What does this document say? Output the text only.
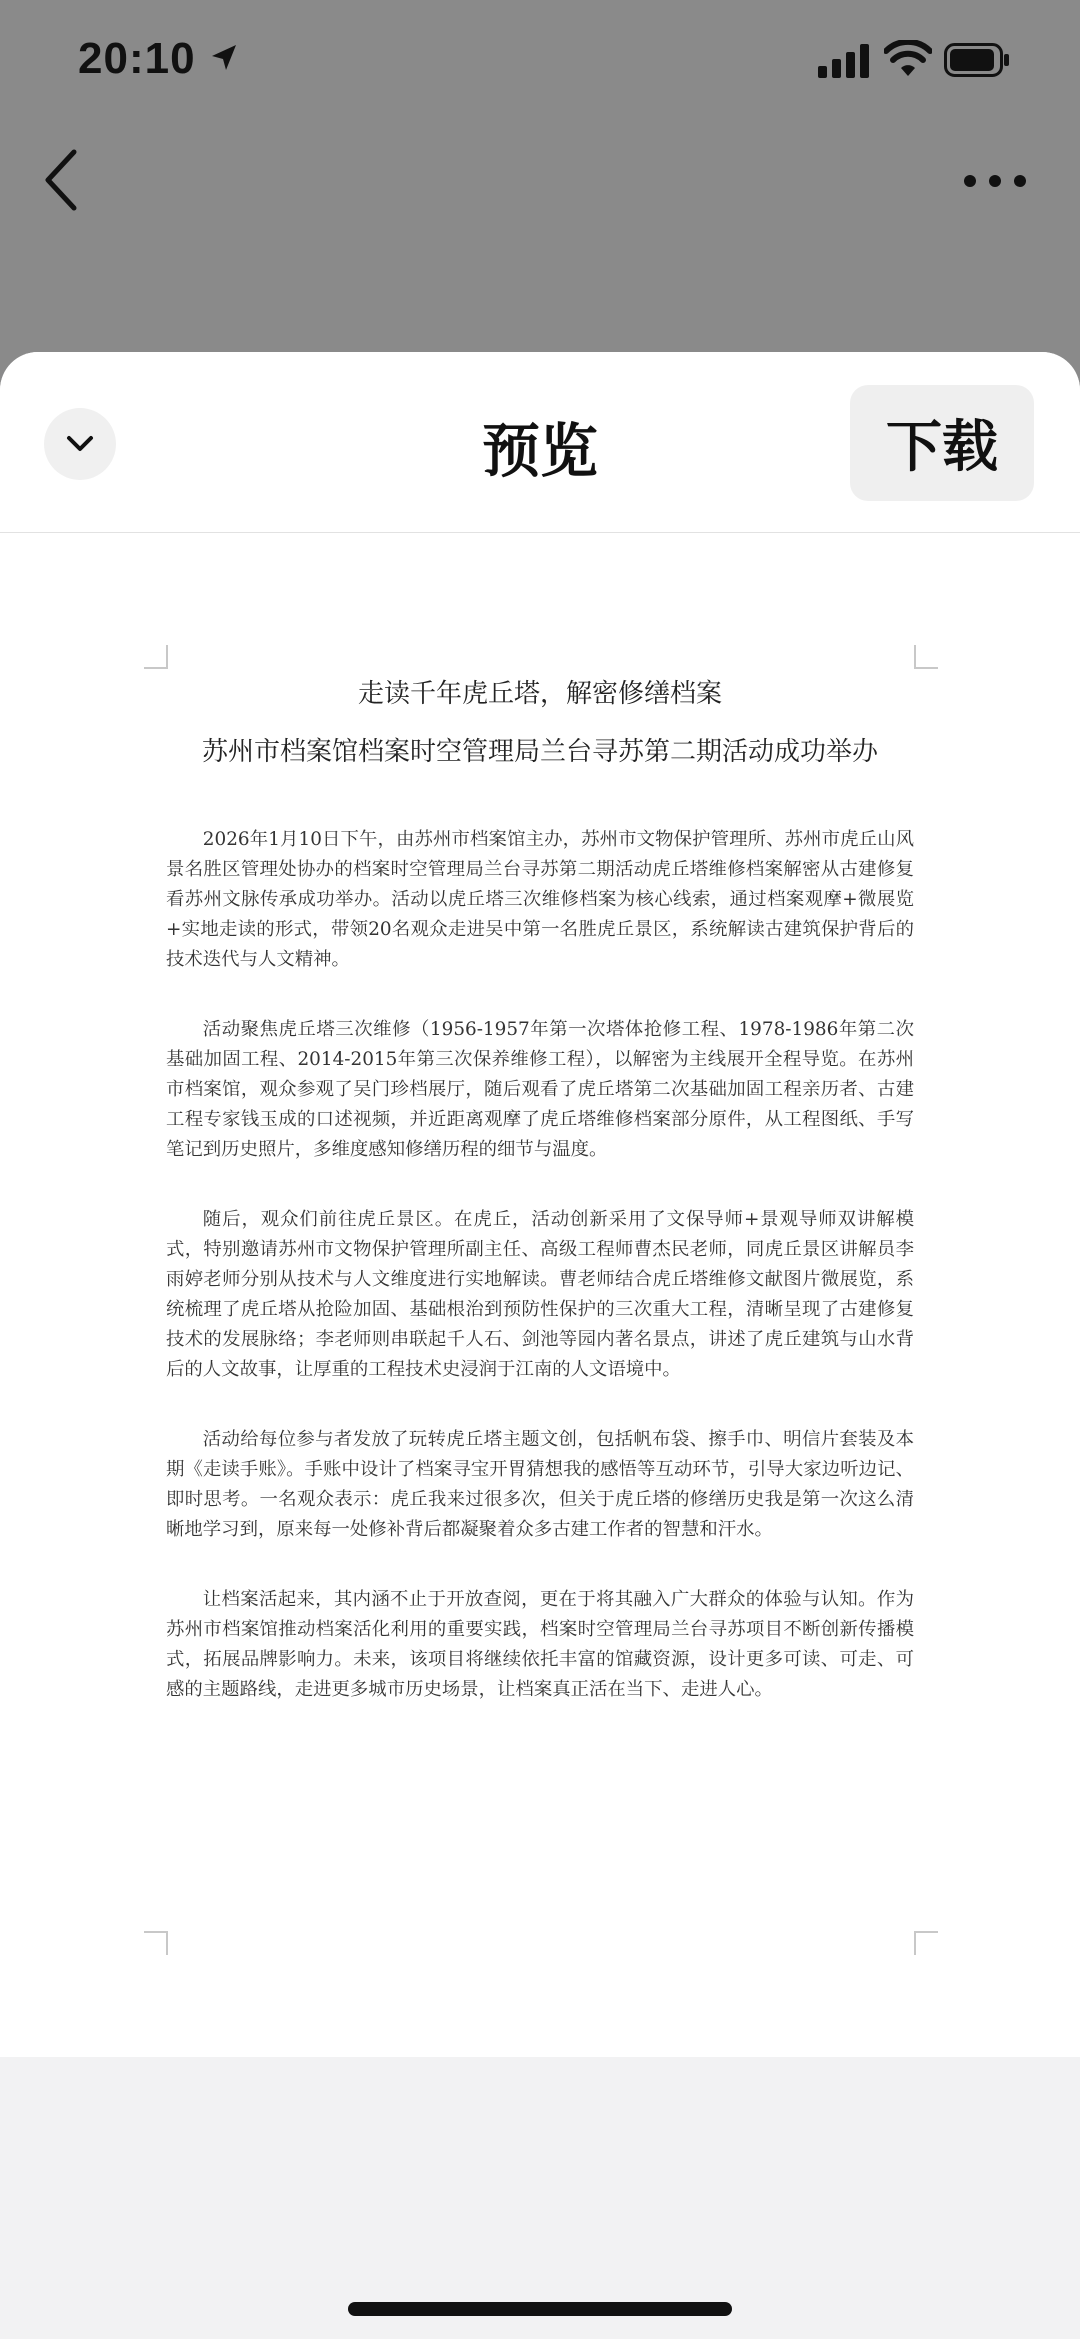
20:10
预览	下载
走读千年虎丘塔，解密修缮档案
苏州市档案馆档案时空管理局兰台寻苏第二期活动成功举办

2026年1月10日下午，由苏州市档案馆主办，苏州市文物保护管理所、苏州市虎丘山风景名胜区管理处协办的档案时空管理局兰台寻苏第二期活动虎丘塔维修档案解密从古建修复看苏州文脉传承成功举办。活动以虎丘塔三次维修档案为核心线索，通过档案观摩+微展览+实地走读的形式，带领20名观众走进吴中第一名胜虎丘景区，系统解读古建筑保护背后的技术迭代与人文精神。

活动聚焦虎丘塔三次维修（1956-1957年第一次塔体抢修工程、1978-1986年第二次基础加固工程、2014-2015年第三次保养维修工程），以解密为主线展开全程导览。在苏州市档案馆，观众参观了吴门珍档展厅，随后观看了虎丘塔第二次基础加固工程亲历者、古建工程专家钱玉成的口述视频，并近距离观摩了虎丘塔维修档案部分原件，从工程图纸、手写笔记到历史照片，多维度感知修缮历程的细节与温度。

随后，观众们前往虎丘景区。在虎丘，活动创新采用了文保导师+景观导师双讲解模式，特别邀请苏州市文物保护管理所副主任、高级工程师曹杰民老师，同虎丘景区讲解员李雨婷老师分别从技术与人文维度进行实地解读。曹老师结合虎丘塔维修文献图片微展览，系统梳理了虎丘塔从抢险加固、基础根治到预防性保护的三次重大工程，清晰呈现了古建修复技术的发展脉络；李老师则串联起千人石、剑池等园内著名景点，讲述了虎丘建筑与山水背后的人文故事，让厚重的工程技术史浸润于江南的人文语境中。

活动给每位参与者发放了玩转虎丘塔主题文创，包括帆布袋、擦手巾、明信片套装及本期《走读手账》。手账中设计了档案寻宝开胃猜想我的感悟等互动环节，引导大家边听边记、即时思考。一名观众表示：虎丘我来过很多次，但关于虎丘塔的修缮历史我是第一次这么清晰地学习到，原来每一处修补背后都凝聚着众多古建工作者的智慧和汗水。

让档案活起来，其内涵不止于开放查阅，更在于将其融入广大群众的体验与认知。作为苏州市档案馆推动档案活化利用的重要实践，档案时空管理局兰台寻苏项目不断创新传播模式，拓展品牌影响力。未来，该项目将继续依托丰富的馆藏资源，设计更多可读、可走、可感的主题路线，走进更多城市历史场景，让档案真正活在当下、走进人心。
